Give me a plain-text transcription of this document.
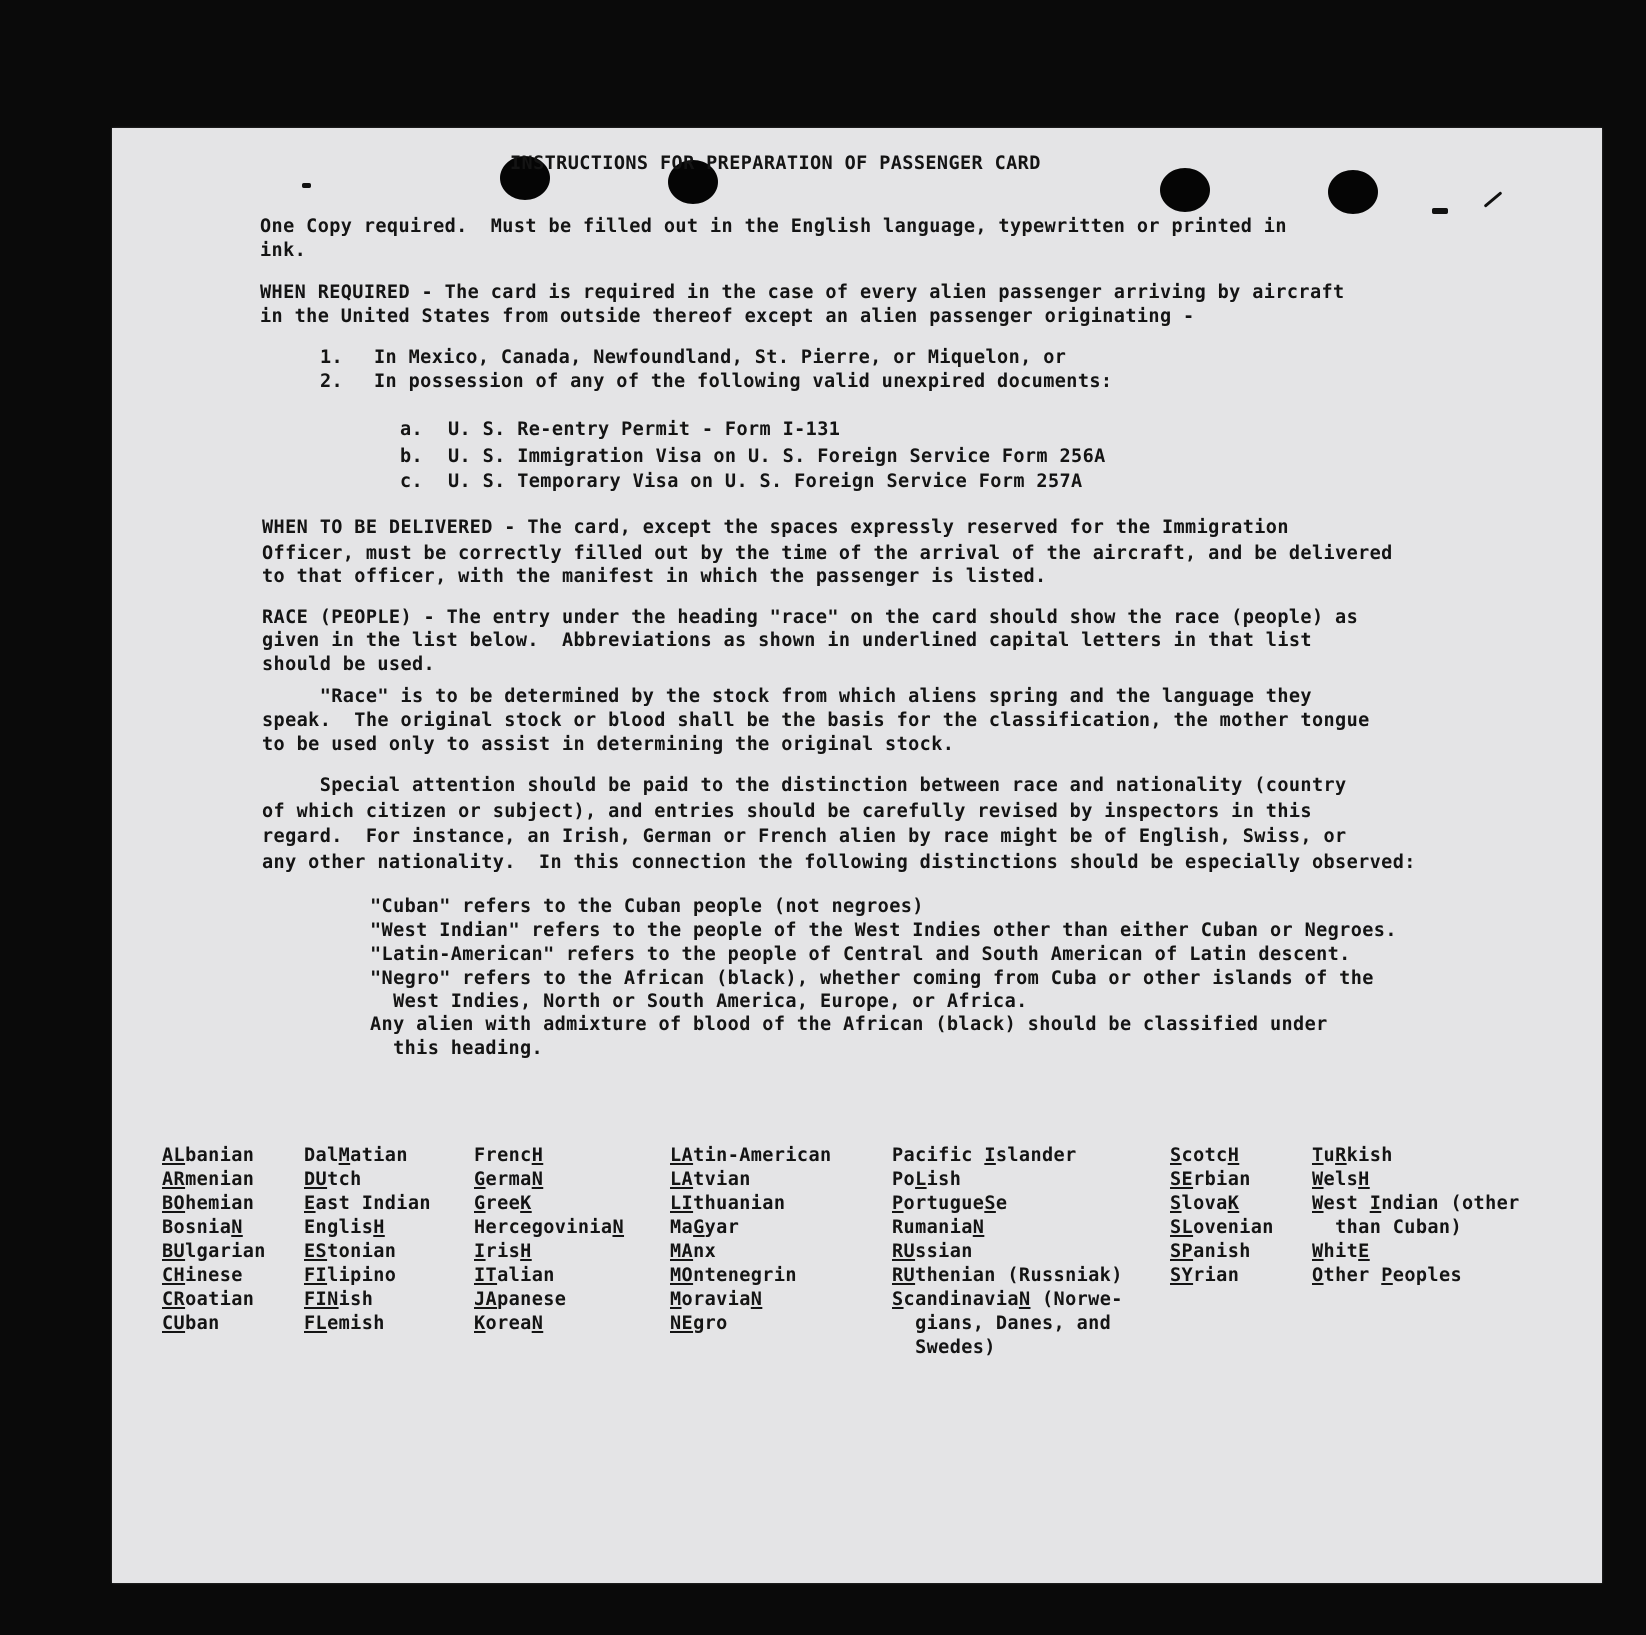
INSTRUCTIONS FOR PREPARATION OF PASSENGER CARD
One Copy required.  Must be filled out in the English language, typewritten or printed in
ink.
WHEN REQUIRED - The card is required in the case of every alien passenger arriving by aircraft
in the United States from outside thereof except an alien passenger originating -
1. In Mexico, Canada, Newfoundland, St. Pierre, or Miquelon, or
2. In possession of any of the following valid unexpired documents:
a. U. S. Re-entry Permit - Form I-131
b. U. S. Immigration Visa on U. S. Foreign Service Form 256A
c. U. S. Temporary Visa on U. S. Foreign Service Form 257A
WHEN TO BE DELIVERED - The card, except the spaces expressly reserved for the Immigration
Officer, must be correctly filled out by the time of the arrival of the aircraft, and be delivered
to that officer, with the manifest in which the passenger is listed.
RACE (PEOPLE) - The entry under the heading "race" on the card should show the race (people) as
given in the list below.  Abbreviations as shown in underlined capital letters in that list
should be used.
"Race" is to be determined by the stock from which aliens spring and the language they
speak.  The original stock or blood shall be the basis for the classification, the mother tongue
to be used only to assist in determining the original stock.
Special attention should be paid to the distinction between race and nationality (country
of which citizen or subject), and entries should be carefully revised by inspectors in this
regard.  For instance, an Irish, German or French alien by race might be of English, Swiss, or
any other nationality.  In this connection the following distinctions should be especially observed:
"Cuban" refers to the Cuban people (not negroes)
"West Indian" refers to the people of the West Indies other than either Cuban or Negroes.
"Latin-American" refers to the people of Central and South American of Latin descent.
"Negro" refers to the African (black), whether coming from Cuba or other islands of the
West Indies, North or South America, Europe, or Africa.
Any alien with admixture of blood of the African (black) should be classified under
this heading.
ALbanian
ARmenian
BOhemian
BosniaN
BUlgarian
CHinese
CRoatian
CUban
DalMatian
DUtch
East Indian
EnglisH
EStonian
FIlipino
FINish
FLemish
FrencH
GermaN
GreeK
HercegoviniaN
IrisH
ITalian
JApanese
KoreaN
LAtin-American
LAtvian
LIthuanian
MaGyar
MAnx
MOntenegrin
MoraviaN
NEgro
Pacific Islander
PoLish
PortugueSe
RumaniaN
RUssian
RUthenian (Russniak)
ScandinaviaN (Norwe-
gians, Danes, and
Swedes)
ScotcH
SErbian
SlovaK
SLovenian
SPanish
SYrian
TuRkish
WelsH
West Indian (other
than Cuban)
WhitE
Other Peoples
